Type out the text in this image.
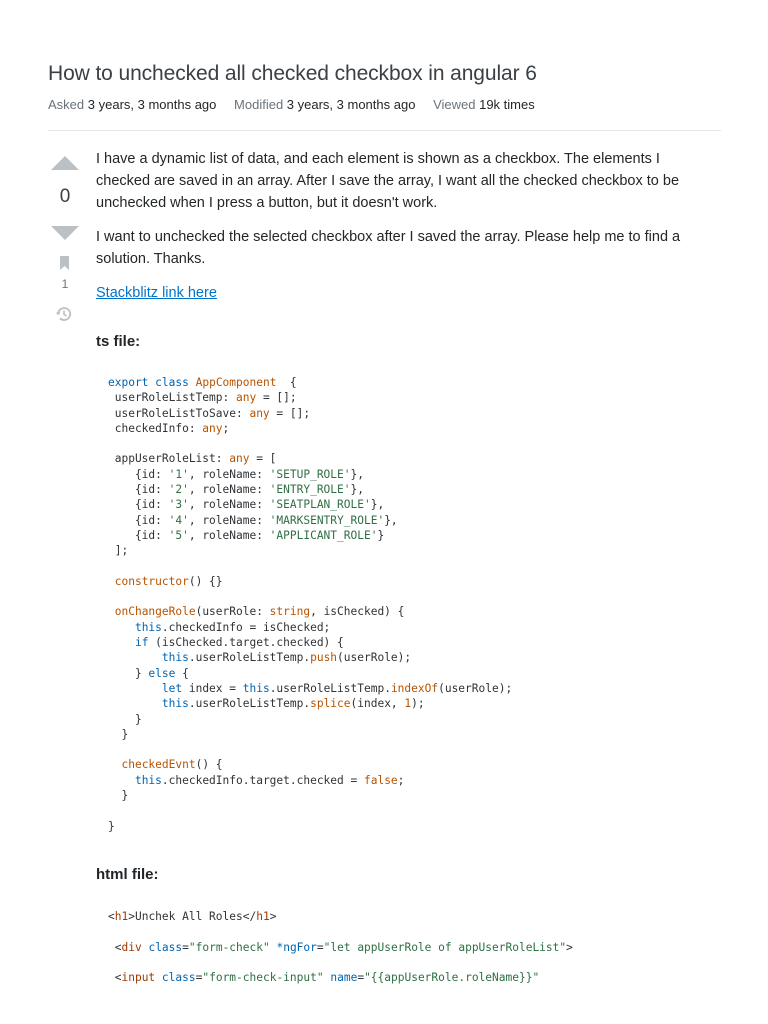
How to unchecked all checked checkbox in angular 6
Asked 3 years, 3 months ago Modified 3 years, 3 months ago Viewed 19k times
0
1

I have a dynamic list of data, and each element is shown as a checkbox. The elements I checked are saved in an array. After I save the array, I want all the checked checkbox to be unchecked when I press a button, but it doesn't work.

I want to unchecked the selected checkbox after I saved the array. Please help me to find a solution. Thanks.

Stackblitz link here

ts file:
export class AppComponent  {
userRoleListTemp: any = [];
userRoleListToSave: any = [];
checkedInfo: any;

appUserRoleList: any = [
{id: '1', roleName: 'SETUP_ROLE'},
{id: '2', roleName: 'ENTRY_ROLE'},
{id: '3', roleName: 'SEATPLAN_ROLE'},
{id: '4', roleName: 'MARKSENTRY_ROLE'},
{id: '5', roleName: 'APPLICANT_ROLE'}
];

constructor() {}

onChangeRole(userRole: string, isChecked) {
this.checkedInfo = isChecked;
if (isChecked.target.checked) {
this.userRoleListTemp.push(userRole);
} else {
let index = this.userRoleListTemp.indexOf(userRole);
this.userRoleListTemp.splice(index, 1);
}
}

checkedEvnt() {
this.checkedInfo.target.checked = false;
}

}
html file:
<h1>Unchek All Roles</h1>

<div class="form-check" *ngFor="let appUserRole of appUserRoleList">

<input class="form-check-input" name="{{appUserRole.roleName}}"
